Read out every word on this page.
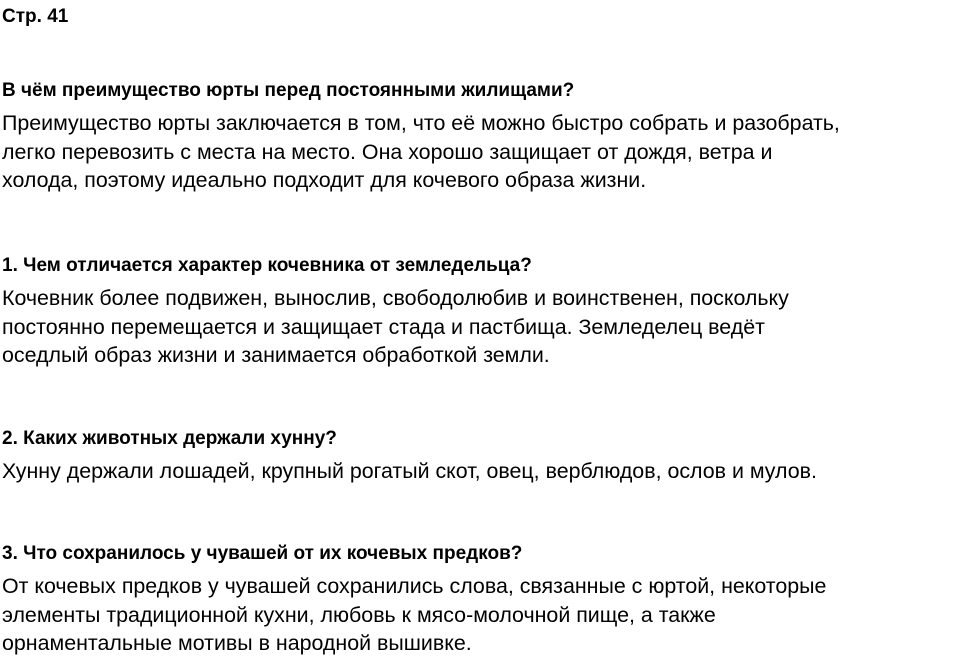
Стр. 41

В чём преимущество юрты перед постоянными жилищами?

Преимущество юрты заключается в том, что её можно быстро собрать и разобрать,
легко перевозить с места на место. Она хорошо защищает от дождя, ветра и
холода, поэтому идеально подходит для кочевого образа жизни.

1. Чем отличается характер кочевника от земледельца?

Кочевник более подвижен, вынослив, свободолюбив и воинственен, поскольку
постоянно перемещается и защищает стада и пастбища. Земледелец ведёт
оседлый образ жизни и занимается обработкой земли.

2. Каких животных держали хунну?

Хунну держали лошадей, крупный рогатый скот, овец, верблюдов, ослов и мулов.

3. Что сохранилось у чувашей от их кочевых предков?

От кочевых предков у чувашей сохранились слова, связанные с юртой, некоторые
элементы традиционной кухни, любовь к мясо-молочной пище, а также
орнаментальные мотивы в народной вышивке.
